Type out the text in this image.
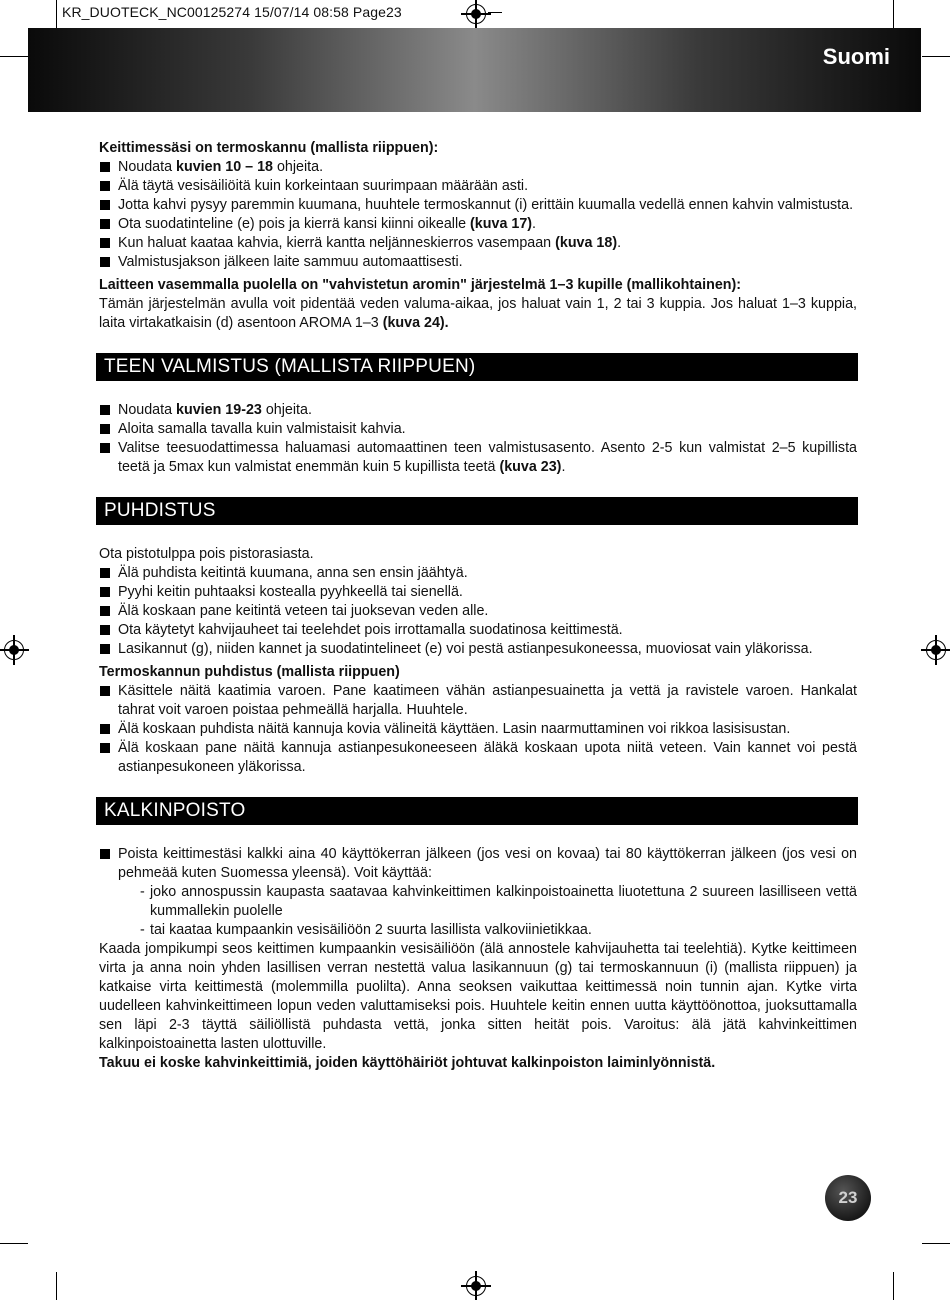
KR_DUOTECK_NC00125274 15/07/14 08:58 Page23
Suomi

Keittimessäsi on termoskannu (mallista riippuen):

Noudata kuvien 10 – 18 ohjeita.

Älä täytä vesisäiliöitä kuin korkeintaan suurimpaan määrään asti.

Jotta kahvi pysyy paremmin kuumana, huuhtele termoskannut (i) erittäin kuumalla vedellä ennen kahvin valmistusta.

Ota suodatinteline (e) pois ja kierrä kansi kiinni oikealle (kuva 17).

Kun haluat kaataa kahvia, kierrä kantta neljänneskierros vasempaan (kuva 18).

Valmistusjakson jälkeen laite sammuu automaattisesti.

Laitteen vasemmalla puolella on "vahvistetun aromin" järjestelmä 1–3 kupille (mallikohtainen):

Tämän järjestelmän avulla voit pidentää veden valuma-aikaa, jos haluat vain 1, 2 tai 3 kuppia. Jos haluat 1–3 kuppia, laita virtakatkaisin (d) asentoon AROMA 1–3 (kuva 24).

TEEN VALMISTUS (MALLISTA RIIPPUEN)

Noudata kuvien 19-23 ohjeita.

Aloita samalla tavalla kuin valmistaisit kahvia.

Valitse teesuodattimessa haluamasi automaattinen teen valmistusasento. Asento 2-5 kun valmistat 2–5 kupillista teetä ja 5max kun valmistat enemmän kuin 5 kupillista teetä (kuva 23).

PUHDISTUS

Ota pistotulppa pois pistorasiasta.

Älä puhdista keitintä kuumana, anna sen ensin jäähtyä.

Pyyhi keitin puhtaaksi kostealla pyyhkeellä tai sienellä.

Älä koskaan pane keitintä veteen tai juoksevan veden alle.

Ota käytetyt kahvijauheet tai teelehdet pois irrottamalla suodatinosa keittimestä.

Lasikannut (g), niiden kannet ja suodatintelineet (e) voi pestä astianpesukoneessa, muoviosat vain yläkorissa.

Termoskannun puhdistus (mallista riippuen)

Käsittele näitä kaatimia varoen. Pane kaatimeen vähän astianpesuainetta ja vettä ja ravistele varoen. Hankalat tahrat voit varoen poistaa pehmeällä harjalla. Huuhtele.

Älä koskaan puhdista näitä kannuja kovia välineitä käyttäen. Lasin naarmuttaminen voi rikkoa lasisisustan.

Älä koskaan pane näitä kannuja astianpesukoneeseen äläkä koskaan upota niitä veteen. Vain kannet voi pestä astianpesukoneen yläkorissa.

KALKINPOISTO

Poista keittimestäsi kalkki aina 40 käyttökerran jälkeen (jos vesi on kovaa) tai 80 käyttökerran jälkeen (jos vesi on pehmeää kuten Suomessa yleensä). Voit käyttää:

- joko annospussin kaupasta saatavaa kahvinkeittimen kalkinpoistoainetta liuotettuna 2 suureen lasilliseen vettä kummallekin puolelle

- tai kaataa kumpaankin vesisäiliöön 2 suurta lasillista valkoviinietikkaa.

Kaada jompikumpi seos keittimen kumpaankin vesisäiliöön (älä annostele kahvijauhetta tai teelehtiä). Kytke keittimeen virta ja anna noin yhden lasillisen verran nestettä valua lasikannuun (g) tai termoskannuun (i) (mallista riippuen) ja katkaise virta keittimestä (molemmilla puolilta). Anna seoksen vaikuttaa keittimessä noin tunnin ajan. Kytke virta uudelleen kahvinkeittimeen lopun veden valuttamiseksi pois. Huuhtele keitin ennen uutta käyttöönottoa, juoksuttamalla sen läpi 2-3 täyttä säiliöllistä puhdasta vettä, jonka sitten heität pois. Varoitus: älä jätä kahvinkeittimen kalkinpoistoainetta lasten ulottuville.

Takuu ei koske kahvinkeittimiä, joiden käyttöhäiriöt johtuvat kalkinpoiston laiminlyönnistä.

23
